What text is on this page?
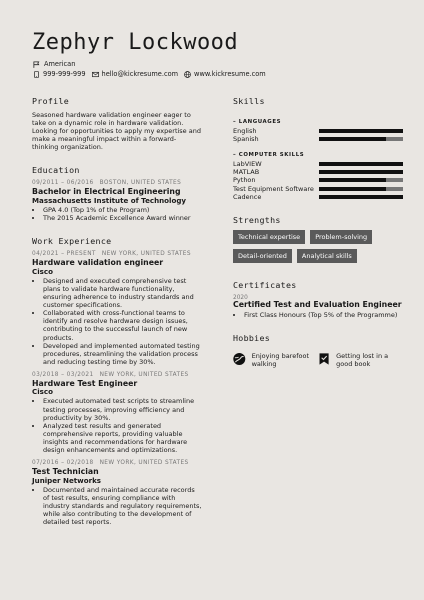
Zephyr Lockwood
American
999-999-999 hello@kickresume.com www.kickresume.com
Profile
Seasoned hardware validation engineer eager to take on a dynamic role in hardware validation. Looking for opportunities to apply my expertise and make a meaningful impact within a forward-thinking organization.
Education
09/2011 – 06/2016 BOSTON, UNITED STATES
Bachelor in Electrical Engineering
Massachusetts Institute of Technology
• GPA 4.0 (Top 1% of the Program)
• The 2015 Academic Excellence Award winner
Work Experience
04/2021 – PRESENT NEW YORK, UNITED STATES
Hardware validation engineer
Cisco
• Designed and executed comprehensive test plans to validate hardware functionality, ensuring adherence to industry standards and customer specifications.
• Collaborated with cross-functional teams to identify and resolve hardware design issues, contributing to the successful launch of new products.
• Developed and implemented automated testing procedures, streamlining the validation process and reducing testing time by 30%.
03/2018 – 03/2021 NEW YORK, UNITED STATES
Hardware Test Engineer
Cisco
• Executed automated test scripts to streamline testing processes, improving efficiency and productivity by 30%.
• Analyzed test results and generated comprehensive reports, providing valuable insights and recommendations for hardware design enhancements and optimizations.
07/2016 – 02/2018 NEW YORK, UNITED STATES
Test Technician
Juniper Networks
• Documented and maintained accurate records of test results, ensuring compliance with industry standards and regulatory requirements, while also contributing to the development of detailed test reports.
Skills
– LANGUAGES
English
Spanish
– COMPUTER SKILLS
LabVIEW
MATLAB
Python
Test Equipment Software
Cadence
Strengths
Technical expertise	Problem-solving
Detail-oriented	Analytical skills
Certificates
2020
Certified Test and Evaluation Engineer
• First Class Honours (Top 5% of the Programme)
Hobbies
Enjoying barefoot walking
Getting lost in a good book
